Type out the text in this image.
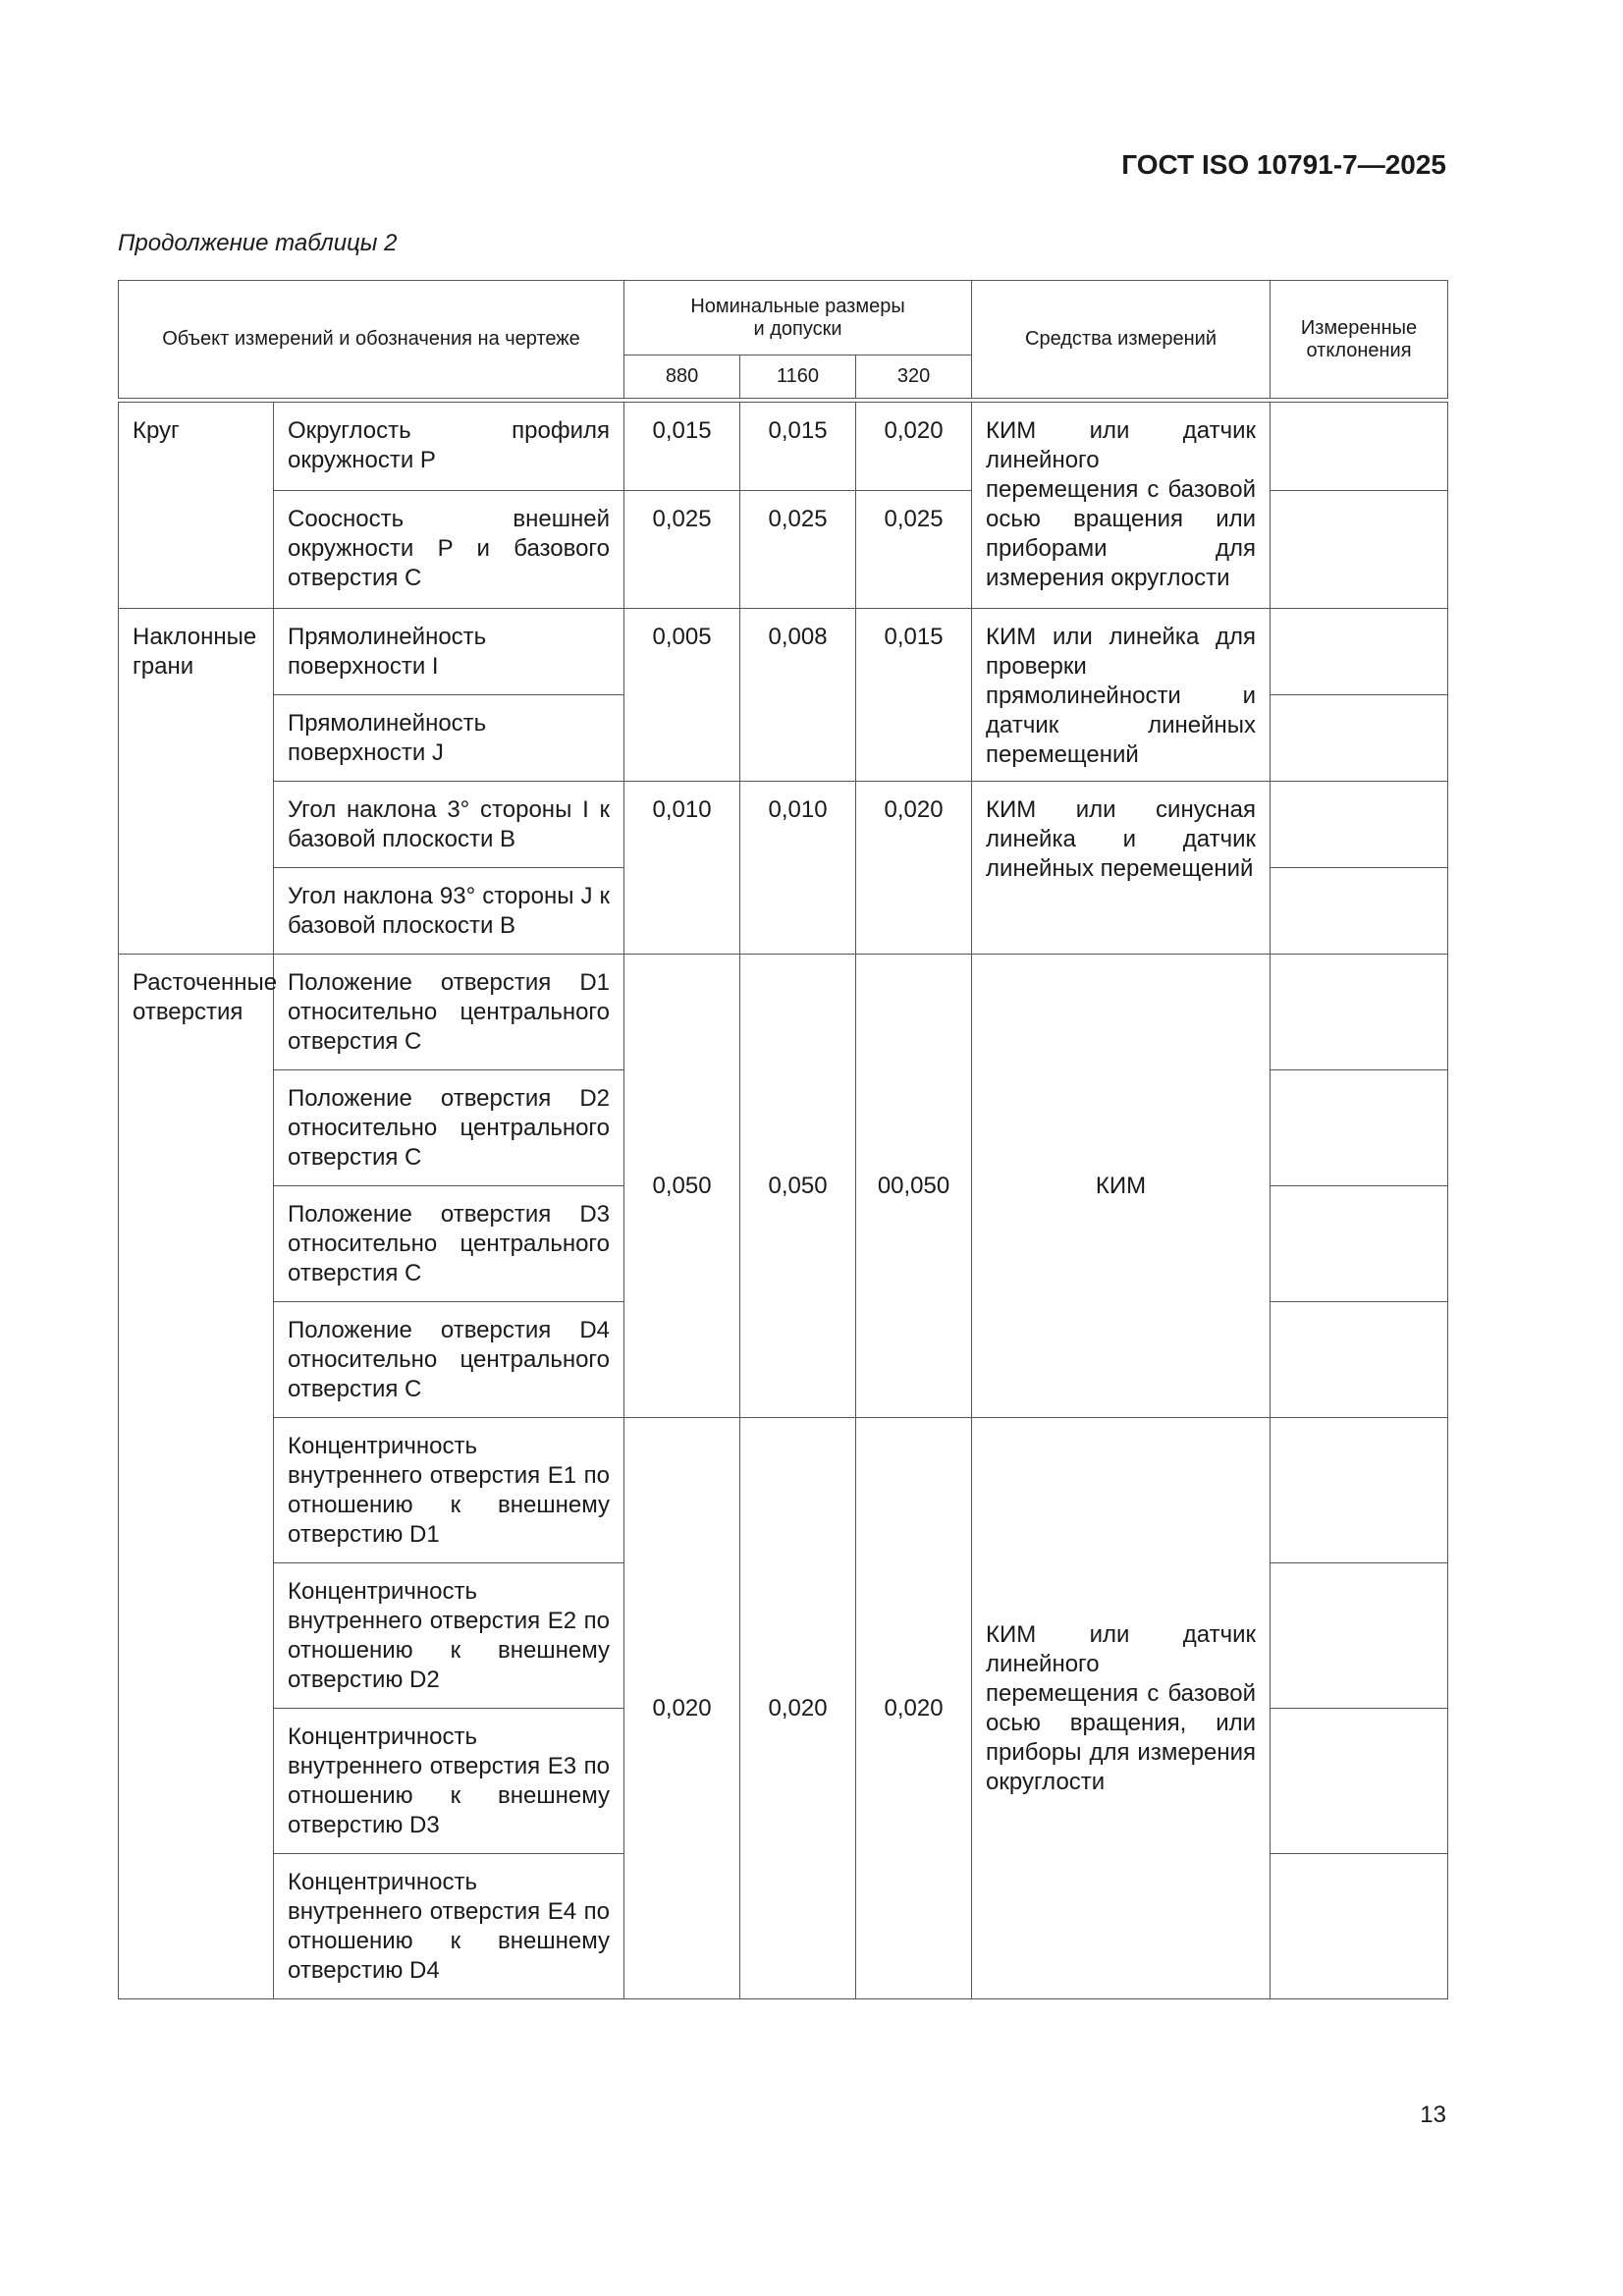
ГОСТ ISO 10791-7—2025
Продолжение таблицы 2
Объект измерений и обозначения на чертеже		Номинальные размеры и допуски			Средства измерений	Измеренные отклонения
		880	1160	320		

Круг	Округлость профиля окружности P	0,015	0,015	0,020	КИМ или датчик линейного перемещения с базовой осью вращения или приборами для измерения округлости	
	Соосность внешней окружности P и базового отверстия C	0,025	0,025	0,025		
Наклонные грани	Прямолинейность поверхности I	0,005	0,008	0,015	КИМ или линейка для проверки прямолинейности и датчик линейных перемещений	
	Прямолинейность поверхности J					
	Угол наклона 3° стороны I к базовой плоскости B	0,010	0,010	0,020	КИМ или синусная линейка и датчик линейных перемещений	
	Угол наклона 93° стороны J к базовой плоскости B					
Расточенные отверстия	Положение отверстия D1 относительно центрального отверстия C	0,050	0,050	00,050	КИМ	
	Положение отверстия D2 относительно центрального отверстия C					
	Положение отверстия D3 относительно центрального отверстия C					
	Положение отверстия D4 относительно центрального отверстия C					
	Концентричность внутреннего отверстия E1 по отношению к внешнему отверстию D1	0,020	0,020	0,020	КИМ или датчик линейного перемещения с базовой осью вращения, или приборы для измерения округлости	
	Концентричность внутреннего отверстия E2 по отношению к внешнему отверстию D2					
	Концентричность внутреннего отверстия E3 по отношению к внешнему отверстию D3					
	Концентричность внутреннего отверстия E4 по отношению к внешнему отверстию D4					
13
